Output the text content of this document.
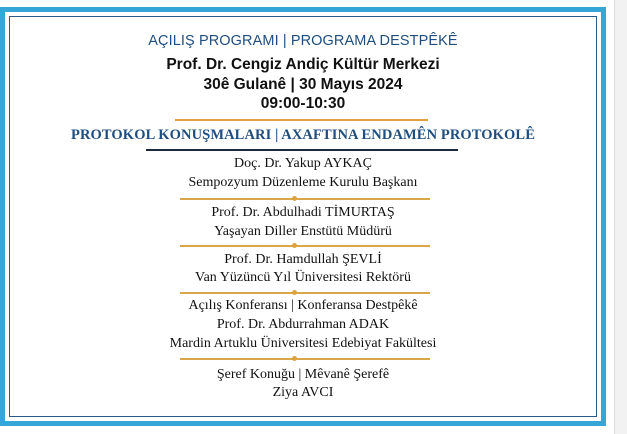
AÇILIŞ PROGRAMI | PROGRAMA DESTPÊKÊ
Prof. Dr. Cengiz Andiç Kültür Merkezi
30ê Gulanê | 30 Mayıs 2024
09:00-10:30
PROTOKOL KONUŞMALARI | AXAFTINA ENDAMÊN PROTOKOLÊ
Doç. Dr. Yakup AYKAÇ
Sempozyum Düzenleme Kurulu Başkanı
Prof. Dr. Abdulhadi TİMURTAŞ
Yaşayan Diller Enstütü Müdürü
Prof. Dr. Hamdullah ŞEVLİ
Van Yüzüncü Yıl Üniversitesi Rektörü
Açılış Konferansı | Konferansa Destpêkê
Prof. Dr. Abdurrahman ADAK
Mardin Artuklu Üniversitesi Edebiyat Fakültesi
Şeref Konuğu | Mêvanê Şerefê
Ziya AVCI
